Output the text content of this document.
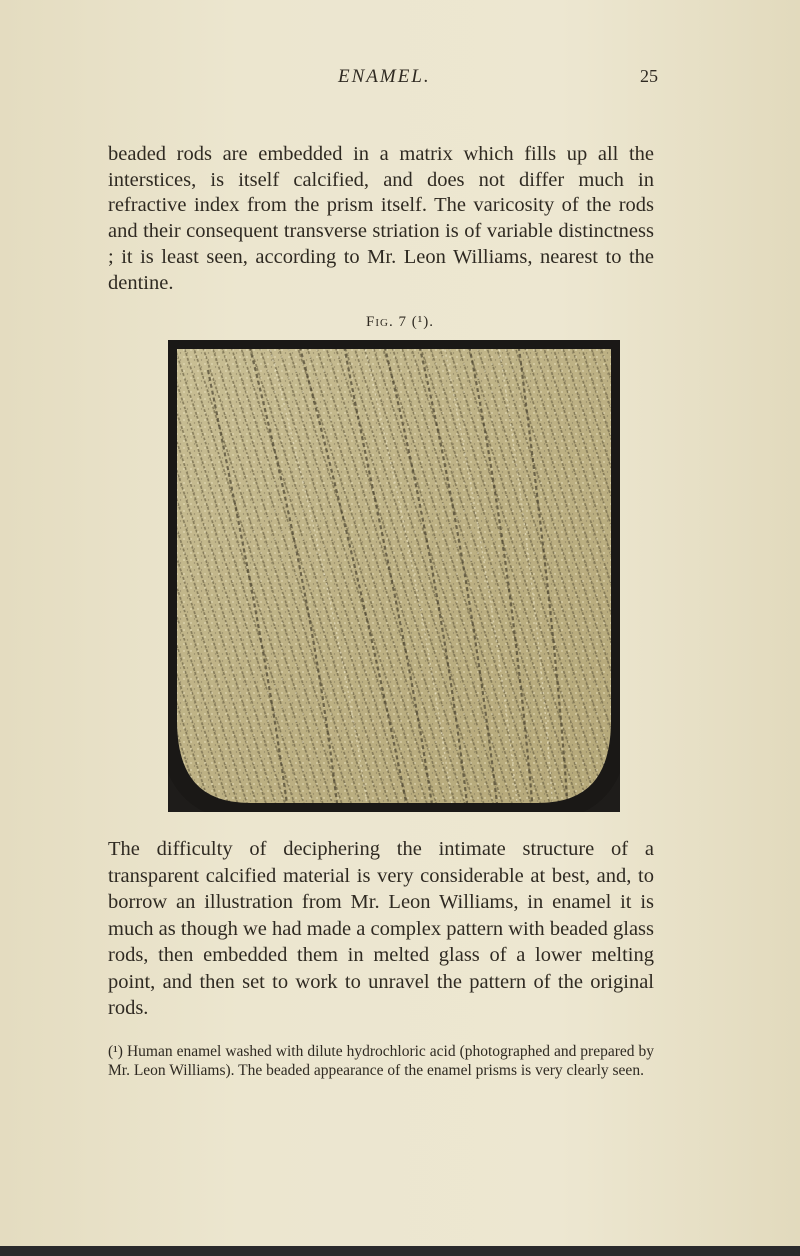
ENAMEL.	25

beaded rods are embedded in a matrix which fills up all the interstices, is itself calcified, and does not differ much in refractive index from the prism itself. The varicosity of the rods and their consequent transverse striation is of variable distinctness ; it is least seen, according to Mr. Leon Williams, nearest to the dentine.

Fig. 7 (¹).

The difficulty of deciphering the intimate structure of a transparent calcified material is very considerable at best, and, to borrow an illustration from Mr. Leon Williams, in enamel it is much as though we had made a complex pattern with beaded glass rods, then embedded them in melted glass of a lower melting point, and then set to work to unravel the pattern of the original rods.

(¹) Human enamel washed with dilute hydrochloric acid (photographed and prepared by Mr. Leon Williams). The beaded appearance of the enamel prisms is very clearly seen.
